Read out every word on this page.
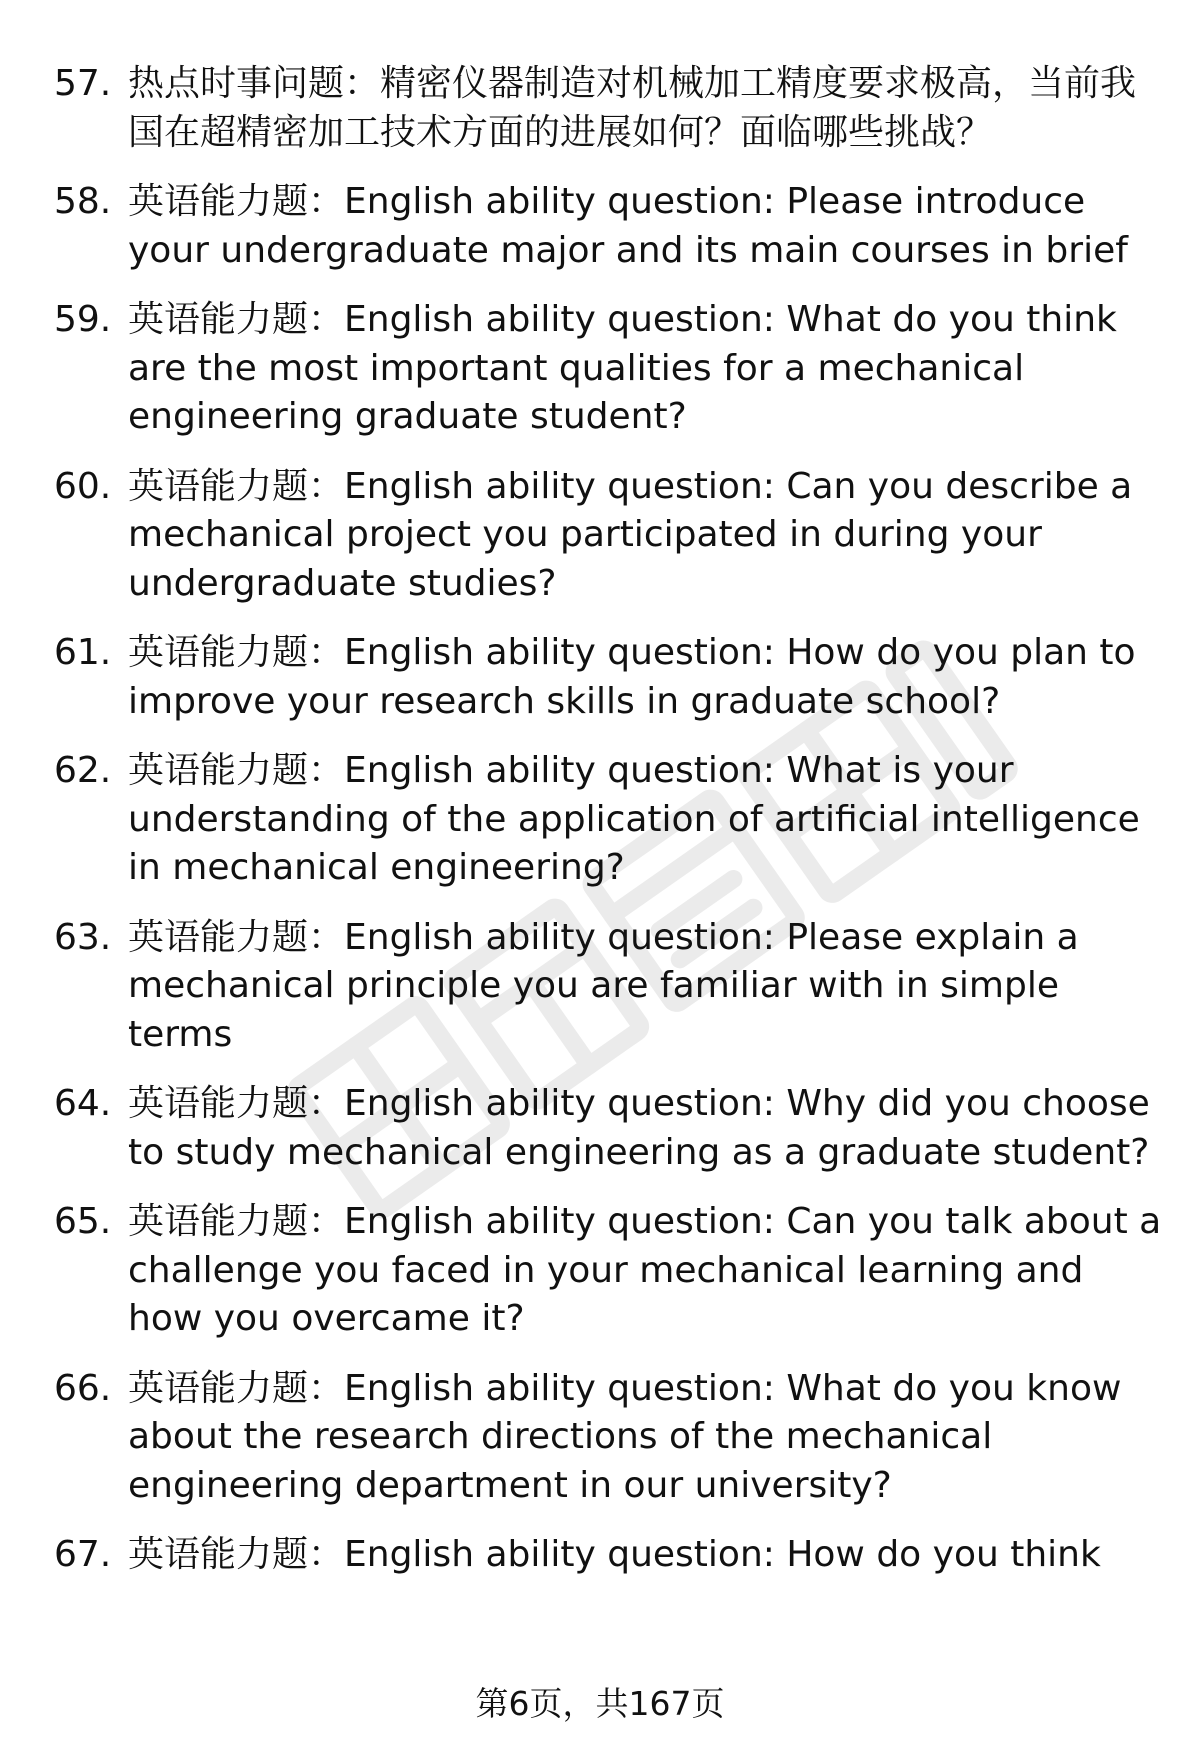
57. 热点时事问题：精密仪器制造对机械加工精度要求极高，当前我国在超精密加工技术方面的进展如何？面临哪些挑战？
58. 英语能力题：English ability question: Please introduce your undergraduate major and its main courses in brief
59. 英语能力题：English ability question: What do you think are the most important qualities for a mechanical engineering graduate student?
60. 英语能力题：English ability question: Can you describe a mechanical project you participated in during your undergraduate studies?
61. 英语能力题：English ability question: How do you plan to improve your research skills in graduate school?
62. 英语能力题：English ability question: What is your understanding of the application of artificial intelligence in mechanical engineering?
63. 英语能力题：English ability question: Please explain a mechanical principle you are familiar with in simple terms
64. 英语能力题：English ability question: Why did you choose to study mechanical engineering as a graduate student?
65. 英语能力题：English ability question: Can you talk about a challenge you faced in your mechanical learning and how you overcame it?
66. 英语能力题：English ability question: What do you know about the research directions of the mechanical engineering department in our university?
67. 英语能力题：English ability question: How do you think
第6页，共167页
